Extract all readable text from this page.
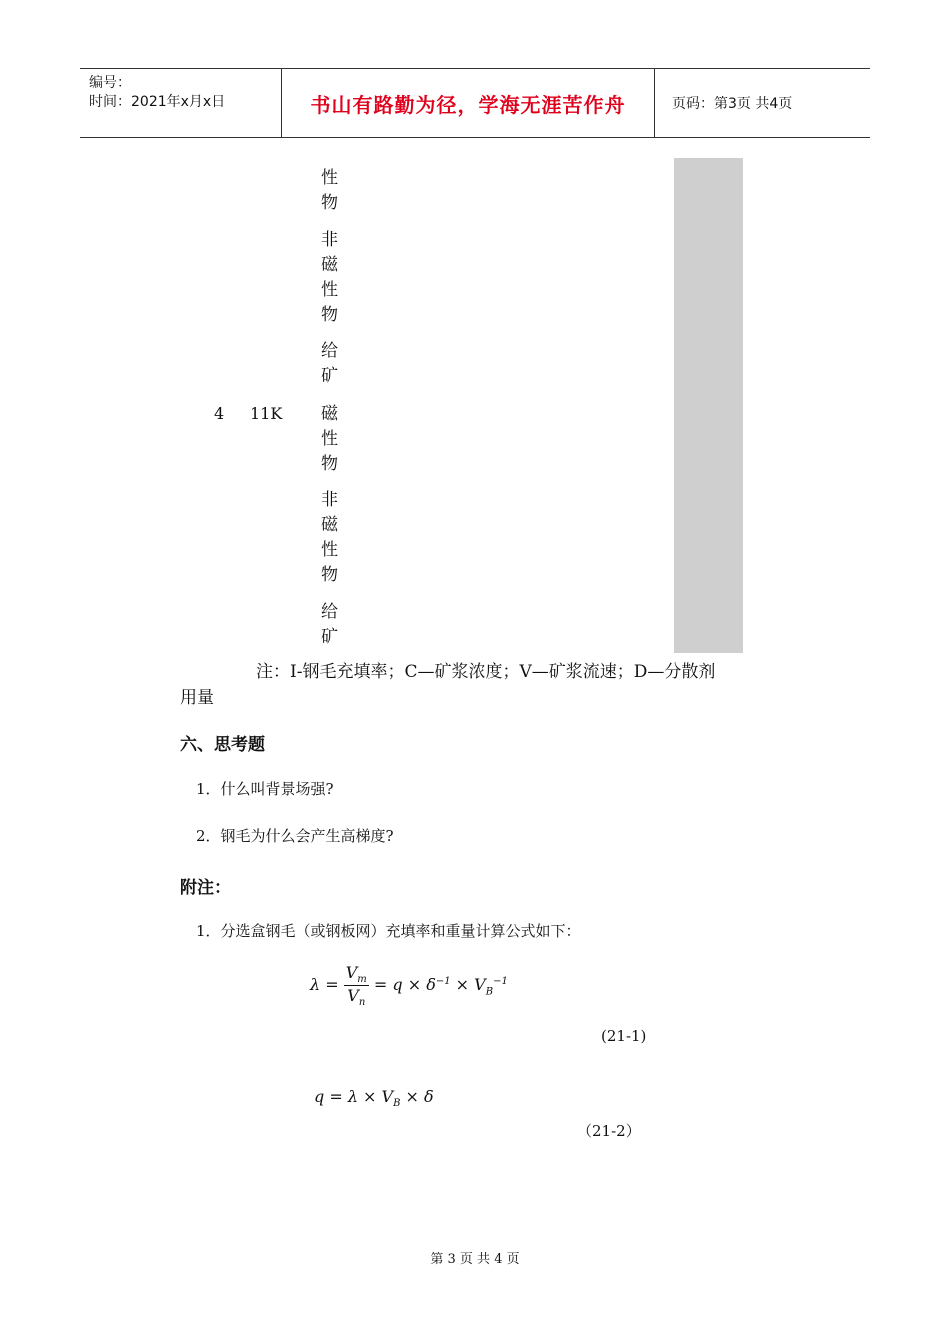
编号：
时间：2021年x月x日	书山有路勤为径，学海无涯苦作舟	页码：第3页 共4页
性
物
非
磁
性
物
给
矿
磁
性
物
非
磁
性
物
给
矿
4 11K
注：I-钢毛充填率；C—矿浆浓度；V—矿浆流速；D—分散剂
用量
六、思考题
1．什么叫背景场强?
2．钢毛为什么会产生高梯度?
附注：
1．分选盒钢毛（或钢板网）充填率和重量计算公式如下：
$\lambda = \frac{V_m}{V_n} = q \times \delta^{-1} \times V_B^{-1}$
(21-1)
$q = \lambda \times V_B \times \delta$
（21-2）
第 3 页 共 4 页
